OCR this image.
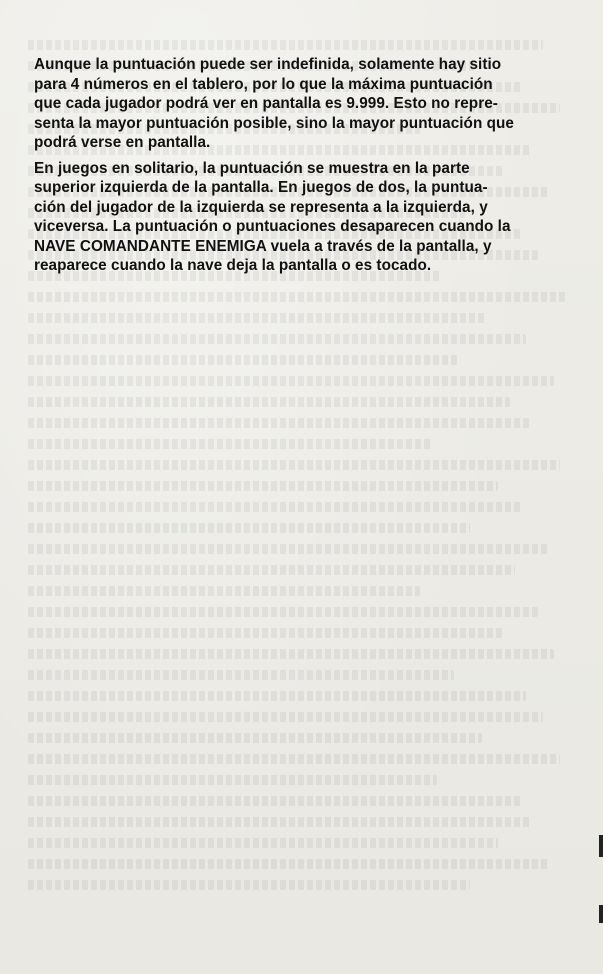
Aunque la puntuación puede ser indefinida, solamente hay sitio
para 4 números en el tablero, por lo que la máxima puntuación
que cada jugador podrá ver en pantalla es 9.999. Esto no repre-
senta la mayor puntuación posible, sino la mayor puntuación que
podrá verse en pantalla.

En juegos en solitario, la puntuación se muestra en la parte
superior izquierda de la pantalla. En juegos de dos, la puntua-
ción del jugador de la izquierda se representa a la izquierda, y
viceversa. La puntuación o puntuaciones desaparecen cuando la
NAVE COMANDANTE ENEMIGA vuela a través de la pantalla, y
reaparece cuando la nave deja la pantalla o es tocado.
